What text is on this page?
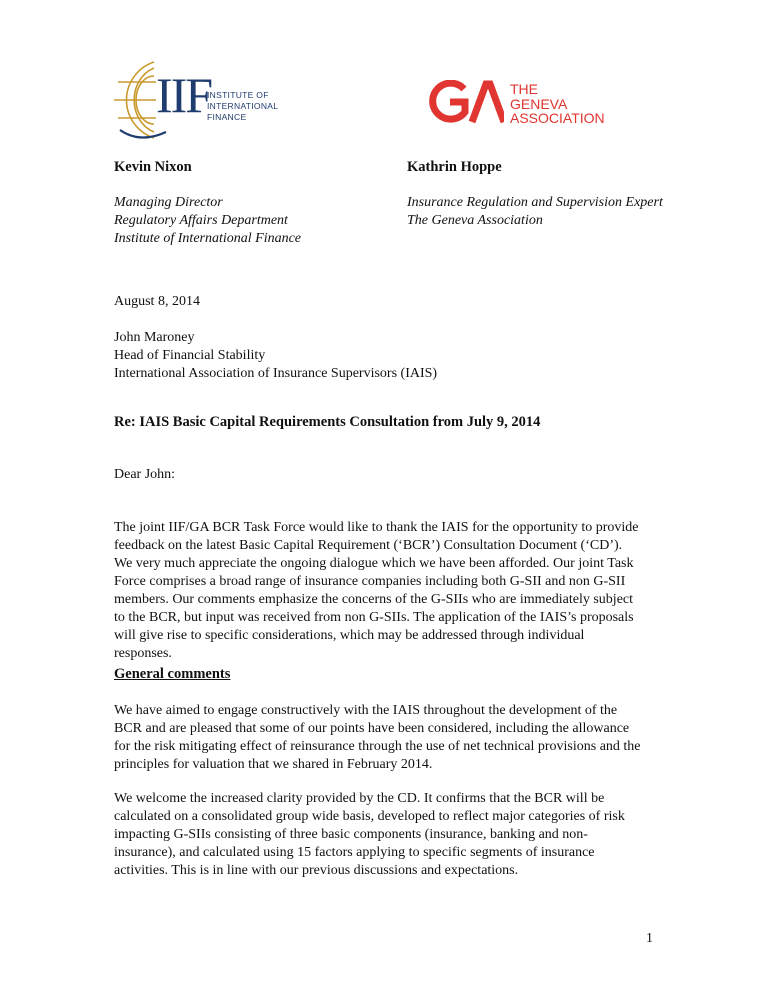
IIF
INSTITUTE OF
INTERNATIONAL
FINANCE
THE
GENEVA
ASSOCIATION
Kevin Nixon
Managing Director
Regulatory Affairs Department
Institute of International Finance
Kathrin Hoppe
Insurance Regulation and Supervision Expert
The Geneva Association
August 8, 2014
John Maroney
Head of Financial Stability
International Association of Insurance Supervisors (IAIS)
Re: IAIS Basic Capital Requirements Consultation from July 9, 2014
Dear John:
The joint IIF/GA BCR Task Force would like to thank the IAIS for the opportunity to provide feedback on the latest Basic Capital Requirement (‘BCR’) Consultation Document (‘CD’). We very much appreciate the ongoing dialogue which we have been afforded. Our joint Task Force comprises a broad range of insurance companies including both G-SII and non G-SII members. Our comments emphasize the concerns of the G-SIIs who are immediately subject to the BCR, but input was received from non G-SIIs. The application of the IAIS’s proposals will give rise to specific considerations, which may be addressed through individual responses.
General comments
We have aimed to engage constructively with the IAIS throughout the development of the BCR and are pleased that some of our points have been considered, including the allowance for the risk mitigating effect of reinsurance through the use of net technical provisions and the principles for valuation that we shared in February 2014.
We welcome the increased clarity provided by the CD. It confirms that the BCR will be calculated on a consolidated group wide basis, developed to reflect major categories of risk impacting G-SIIs consisting of three basic components (insurance, banking and non-insurance), and calculated using 15 factors applying to specific segments of insurance activities. This is in line with our previous discussions and expectations.
1
